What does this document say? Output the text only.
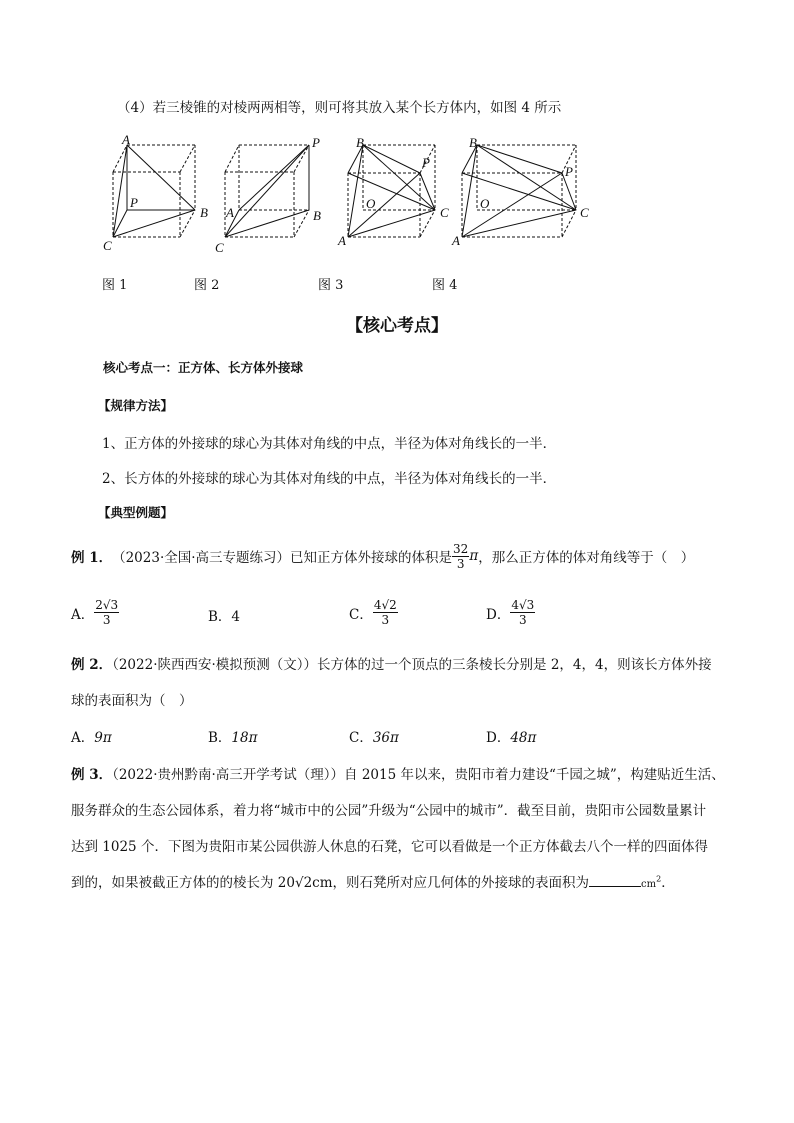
（4）若三棱锥的对棱两两相等，则可将其放入某个长方体内，如图 4 所示
A
B
C
P
P
A	B
C
B
P
O
C
A
B
P
O
C
A
图 1	图 2	图 3	图 4
【核心考点】
核心考点一：正方体、长方体外接球
【规律方法】
1、正方体的外接球的球心为其体对角线的中点，半径为体对角线长的一半．
2、长方体的外接球的球心为其体对角线的中点，半径为体对角线长的一半．
【典型例题】
例 1． （2023·全国·高三专题练习）已知正方体外接球的体积是 $\frac{32}{3}$ π ，那么正方体的体对角线等于（　）
A． $\frac{2√3}{3}$	B．4	C． $\frac{4√2}{3}$	D． $\frac{4√3}{3}$
例 2．（2022·陕西西安·模拟预测（文））长方体的过一个顶点的三条棱长分别是 2，4，4，则该长方体外接
球的表面积为（　）
A．9π	B．18π	C．36π	D．48π
例 3．（2022·贵州黔南·高三开学考试（理））自 2015 年以来，贵阳市着力建设“千园之城”，构建贴近生活、
服务群众的生态公园体系，着力将“城市中的公园”升级为“公园中的城市”．截至目前，贵阳市公园数量累计
达到 1025 个．下图为贵阳市某公园供游人休息的石凳，它可以看做是一个正方体截去八个一样的四面体得
到的，如果被截正方体的的棱长为 20√2cm，则石凳所对应几何体的外接球的表面积为	$cm^2$．
